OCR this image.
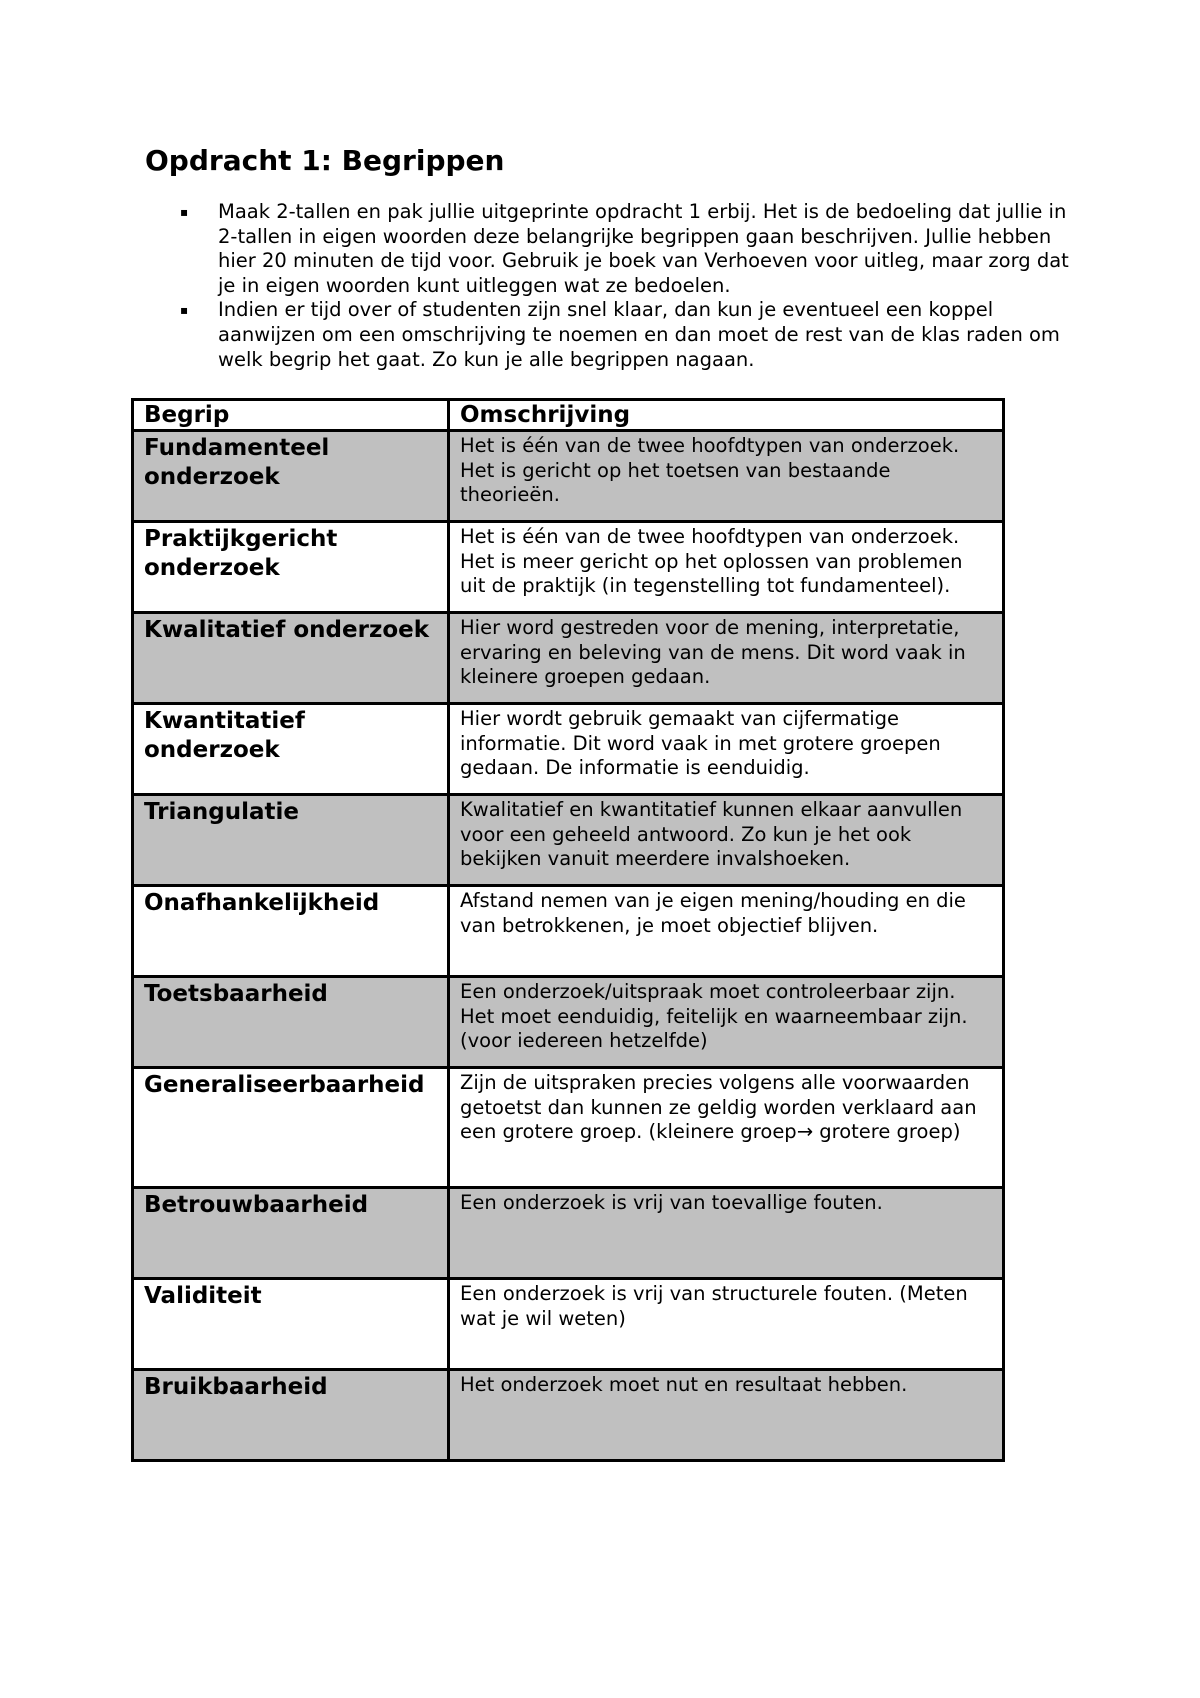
Opdracht 1: Begrippen
▪ Maak 2-tallen en pak jullie uitgeprinte opdracht 1 erbij. Het is de bedoeling dat jullie in 2-tallen in eigen woorden deze belangrijke begrippen gaan beschrijven. Jullie hebben hier 20 minuten de tijd voor. Gebruik je boek van Verhoeven voor uitleg, maar zorg dat je in eigen woorden kunt uitleggen wat ze bedoelen.
▪ Indien er tijd over of studenten zijn snel klaar, dan kun je eventueel een koppel aanwijzen om een omschrijving te noemen en dan moet de rest van de klas raden om welk begrip het gaat. Zo kun je alle begrippen nagaan.
Begrip	Omschrijving
Fundamenteel onderzoek	Het is één van de twee hoofdtypen van onderzoek. Het is gericht op het toetsen van bestaande theorieën.
Praktijkgericht onderzoek	Het is één van de twee hoofdtypen van onderzoek. Het is meer gericht op het oplossen van problemen uit de praktijk (in tegenstelling tot fundamenteel).
Kwalitatief onderzoek	Hier word gestreden voor de mening, interpretatie, ervaring en beleving van de mens. Dit word vaak in kleinere groepen gedaan.
Kwantitatief onderzoek	Hier wordt gebruik gemaakt van cijfermatige informatie. Dit word vaak in met grotere groepen gedaan. De informatie is eenduidig.
Triangulatie	Kwalitatief en kwantitatief kunnen elkaar aanvullen voor een geheeld antwoord. Zo kun je het ook bekijken vanuit meerdere invalshoeken.
Onafhankelijkheid	Afstand nemen van je eigen mening/houding en die van betrokkenen, je moet objectief blijven.
Toetsbaarheid	Een onderzoek/uitspraak moet controleerbaar zijn. Het moet eenduidig, feitelijk en waarneembaar zijn. (voor iedereen hetzelfde)
Generaliseerbaarheid	Zijn de uitspraken precies volgens alle voorwaarden getoetst dan kunnen ze geldig worden verklaard aan een grotere groep. (kleinere groep→ grotere groep)
Betrouwbaarheid	Een onderzoek is vrij van toevallige fouten.
Validiteit	Een onderzoek is vrij van structurele fouten. (Meten wat je wil weten)
Bruikbaarheid	Het onderzoek moet nut en resultaat hebben.
